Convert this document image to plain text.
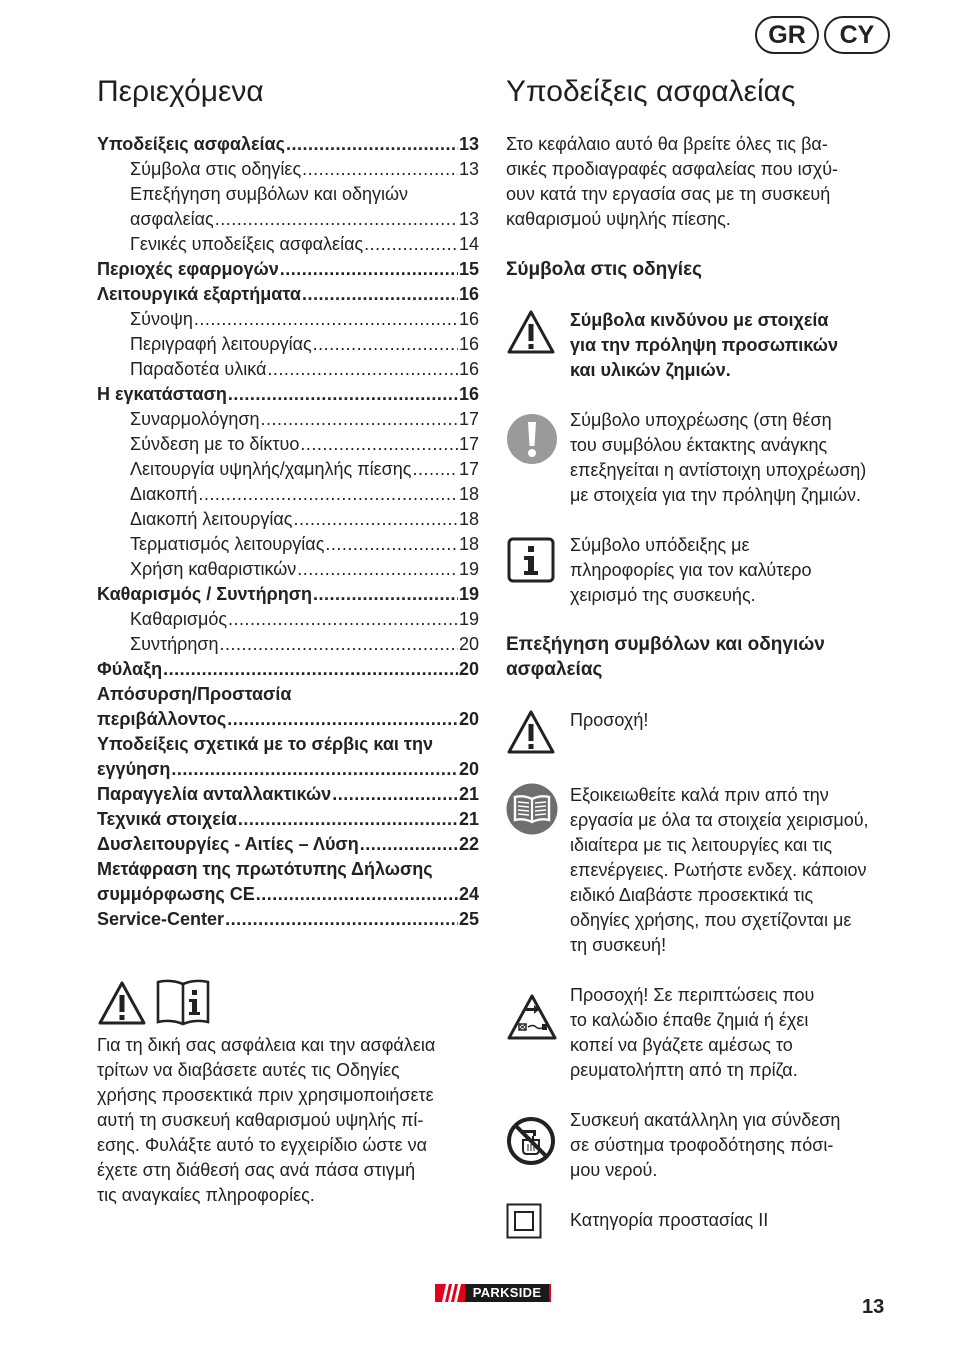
GR	CY
Περιεχόμενα
Υποδείξεις ασφαλείας .....	13
Σύμβολα στις οδηγίες .....	13
Επεξήγηση συμβόλων και οδηγιών
ασφαλείας .....	13
Γενικές υποδείξεις ασφαλείας .....	14
Περιοχές εφαρμογών .....	15
Λειτουργικά εξαρτήματα .....	16
Σύνοψη .....	16
Περιγραφή λειτουργίας .....	16
Παραδοτέα υλικά .....	16
Η εγκατάσταση .....	16
Συναρμολόγηση .....	17
Σύνδεση με το δίκτυο .....	17
Λειτουργία υψηλής/χαμηλής πίεσης .....	17
Διακοπή .....	18
Διακοπή λειτουργίας .....	18
Τερματισμός λειτουργίας .....	18
Χρήση καθαριστικών .....	19
Καθαρισμός / Συντήρηση .....	19
Καθαρισμός .....	19
Συντήρηση .....	20
Φύλαξη .....	20
Απόσυρση/Προστασία
περιβάλλοντος .....	20
Υποδείξεις σχετικά με το σέρβις και την
εγγύηση .....	20
Παραγγελία ανταλλακτικών .....	21
Τεχνικά στοιχεία .....	21
Δυσλειτουργίες - Αιτίες – Λύση .....	22
Μετάφραση της πρωτότυπης Δήλωσης
συμμόρφωσης CE .....	24
Service-Center .....	25
Για τη δική σας ασφάλεια και την ασφάλεια
τρίτων να διαβάσετε αυτές τις Οδηγίες
χρήσης προσεκτικά πριν χρησιμοποιήσετε
αυτή τη συσκευή καθαρισμού υψηλής πί-
εσης. Φυλάξτε αυτό το εγχειρίδιο ώστε να
έχετε στη διάθεσή σας ανά πάσα στιγμή
τις αναγκαίες πληροφορίες.
Υποδείξεις ασφαλείας
Στο κεφάλαιο αυτό θα βρείτε όλες τις βα-
σικές προδιαγραφές ασφαλείας που ισχύ-
ουν κατά την εργασία σας με τη συσκευή
καθαρισμού υψηλής πίεσης.
Σύμβολα στις οδηγίες
Σύμβολα κινδύνου με στοιχεία
για την πρόληψη προσωπικών
και υλικών ζημιών.
Σύμβολο υποχρέωσης (στη θέση
του συμβόλου έκτακτης ανάγκης
επεξηγείται η αντίστοιχη υποχρέωση)
με στοιχεία για την πρόληψη ζημιών.
Σύμβολο υπόδειξης με
πληροφορίες για τον καλύτερο
χειρισμό της συσκευής.
Επεξήγηση συμβόλων και οδηγιών
ασφαλείας
Προσοχή!
Εξοικειωθείτε καλά πριν από την
εργασία με όλα τα στοιχεία χειρισμού,
ιδιαίτερα με τις λειτουργίες και τις
επενέργειες. Ρωτήστε ενδεχ. κάποιον
ειδικό Διαβάστε προσεκτικά τις
οδηγίες χρήσης, που σχετίζονται με
τη συσκευή!
Προσοχή! Σε περιπτώσεις που
το καλώδιο έπαθε ζημιά ή έχει
κοπεί να βγάζετε αμέσως το
ρευματολήπτη από τη πρίζα.
Συσκευή ακατάλληλη για σύνδεση
σε σύστημα τροφοδότησης πόσι-
μου νερού.
Κατηγορία προστασίας II
PARKSIDE
13
